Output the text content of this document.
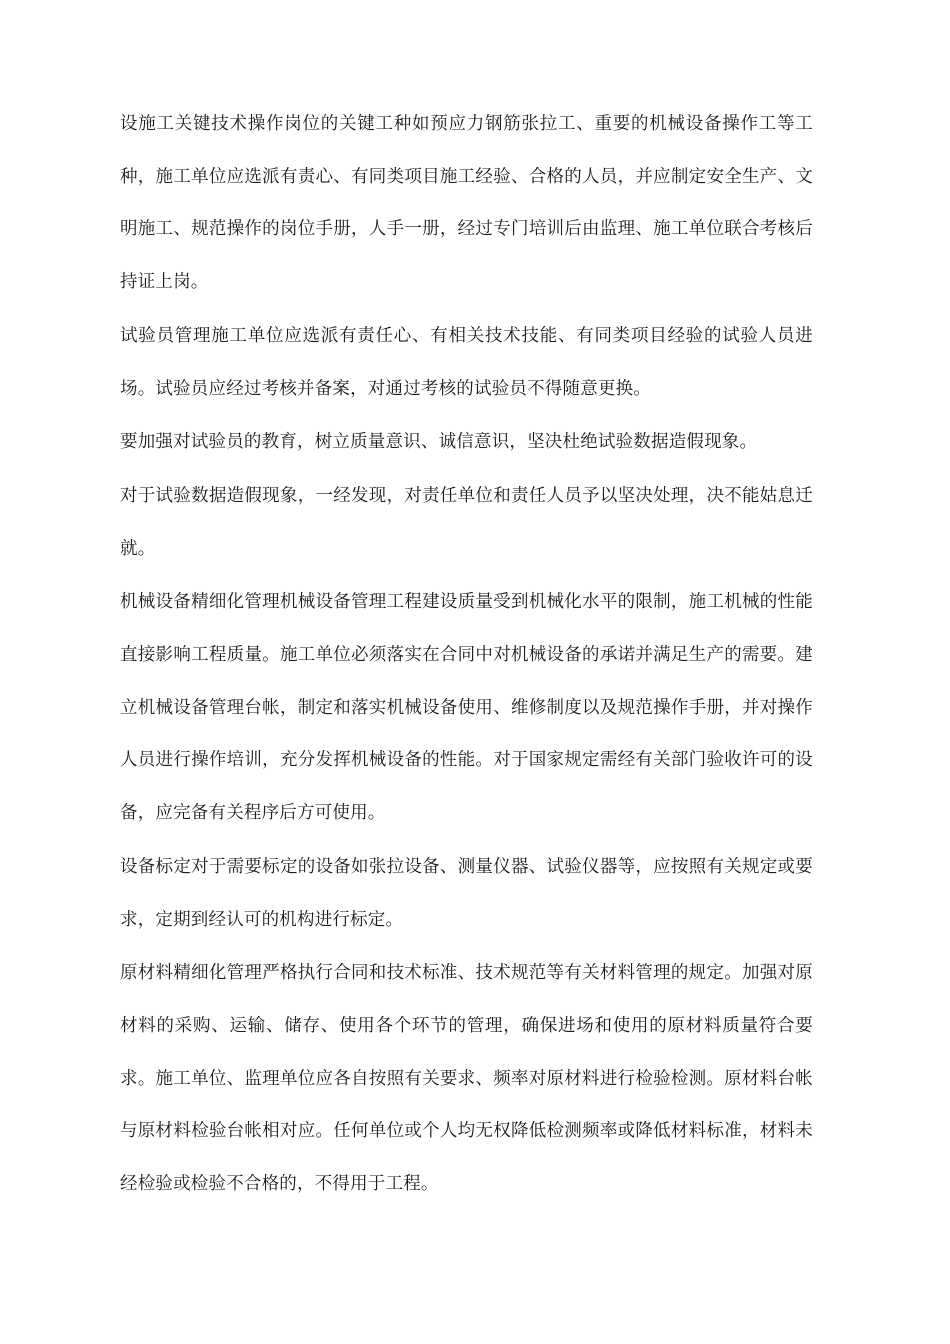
设施工关键技术操作岗位的关键工种如预应力钢筋张拉工、重要的机械设备操作工等工种，施工单位应选派有责心、有同类项目施工经验、合格的人员，并应制定安全生产、文明施工、规范操作的岗位手册，人手一册，经过专门培训后由监理、施工单位联合考核后持证上岗。

试验员管理施工单位应选派有责任心、有相关技术技能、有同类项目经验的试验人员进场。试验员应经过考核并备案，对通过考核的试验员不得随意更换。

要加强对试验员的教育，树立质量意识、诚信意识，坚决杜绝试验数据造假现象。

对于试验数据造假现象，一经发现，对责任单位和责任人员予以坚决处理，决不能姑息迁就。

机械设备精细化管理机械设备管理工程建设质量受到机械化水平的限制，施工机械的性能直接影响工程质量。施工单位必须落实在合同中对机械设备的承诺并满足生产的需要。建立机械设备管理台帐，制定和落实机械设备使用、维修制度以及规范操作手册，并对操作人员进行操作培训，充分发挥机械设备的性能。对于国家规定需经有关部门验收许可的设备，应完备有关程序后方可使用。

设备标定对于需要标定的设备如张拉设备、测量仪器、试验仪器等，应按照有关规定或要求，定期到经认可的机构进行标定。

原材料精细化管理严格执行合同和技术标准、技术规范等有关材料管理的规定。加强对原材料的采购、运输、储存、使用各个环节的管理，确保进场和使用的原材料质量符合要求。施工单位、监理单位应各自按照有关要求、频率对原材料进行检验检测。原材料台帐与原材料检验台帐相对应。任何单位或个人均无权降低检测频率或降低材料标准，材料未经检验或检验不合格的，不得用于工程。
